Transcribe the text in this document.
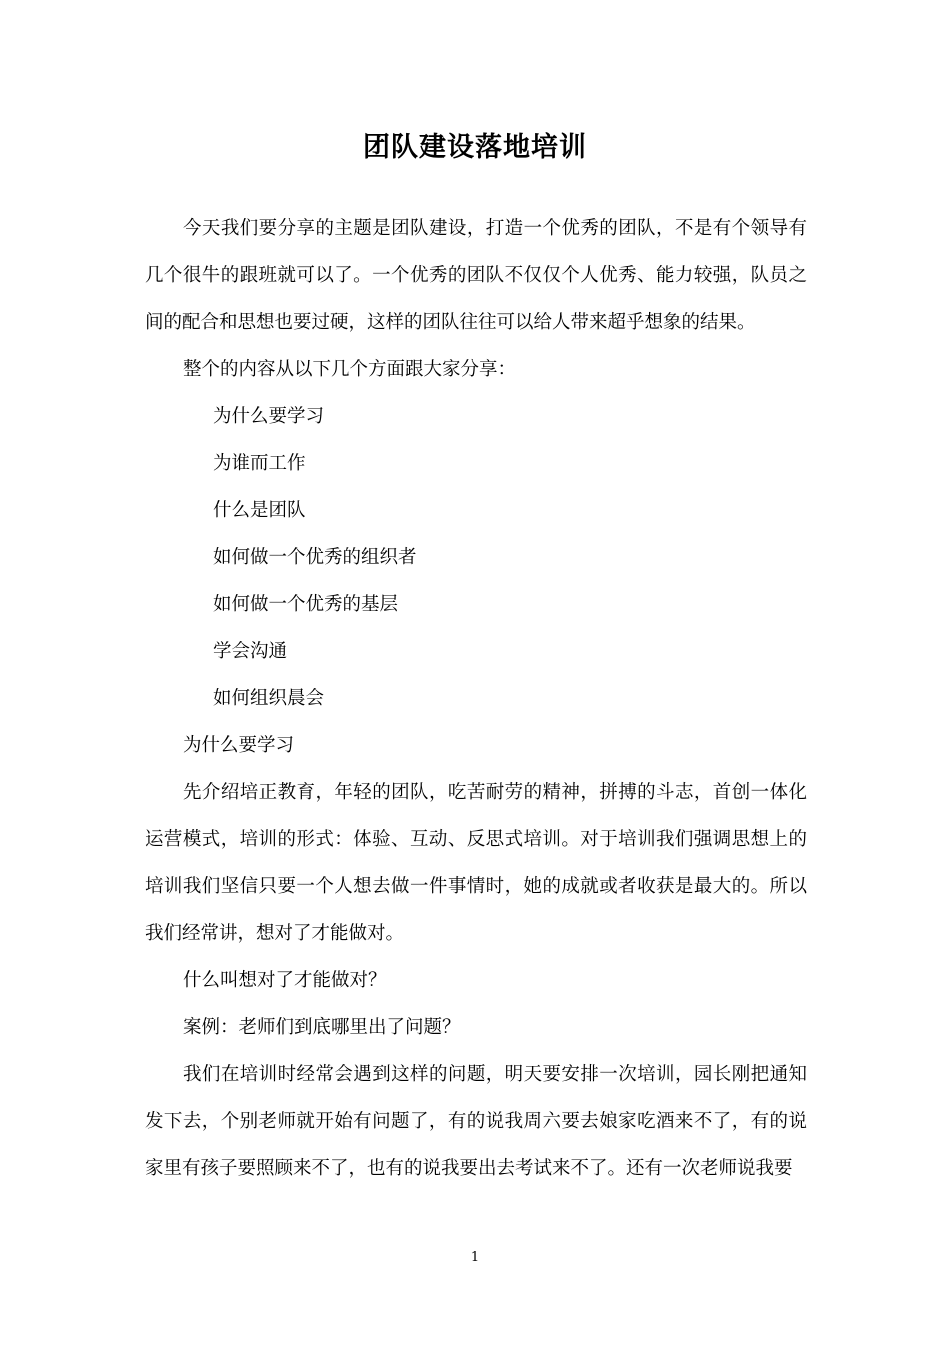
团队建设落地培训

今天我们要分享的主题是团队建设，打造一个优秀的团队，不是有个领导有几个很牛的跟班就可以了。一个优秀的团队不仅仅个人优秀、能力较强，队员之间的配合和思想也要过硬，这样的团队往往可以给人带来超乎想象的结果。

整个的内容从以下几个方面跟大家分享：

为什么要学习

为谁而工作

什么是团队

如何做一个优秀的组织者

如何做一个优秀的基层

学会沟通

如何组织晨会

为什么要学习

先介绍培正教育，年轻的团队，吃苦耐劳的精神，拼搏的斗志，首创一体化运营模式，培训的形式：体验、互动、反思式培训。对于培训我们强调思想上的培训我们坚信只要一个人想去做一件事情时，她的成就或者收获是最大的。所以我们经常讲，想对了才能做对。

什么叫想对了才能做对？

案例：老师们到底哪里出了问题？

我们在培训时经常会遇到这样的问题，明天要安排一次培训，园长刚把通知发下去，个别老师就开始有问题了，有的说我周六要去娘家吃酒来不了，有的说家里有孩子要照顾来不了，也有的说我要出去考试来不了。还有一次老师说我要

1
